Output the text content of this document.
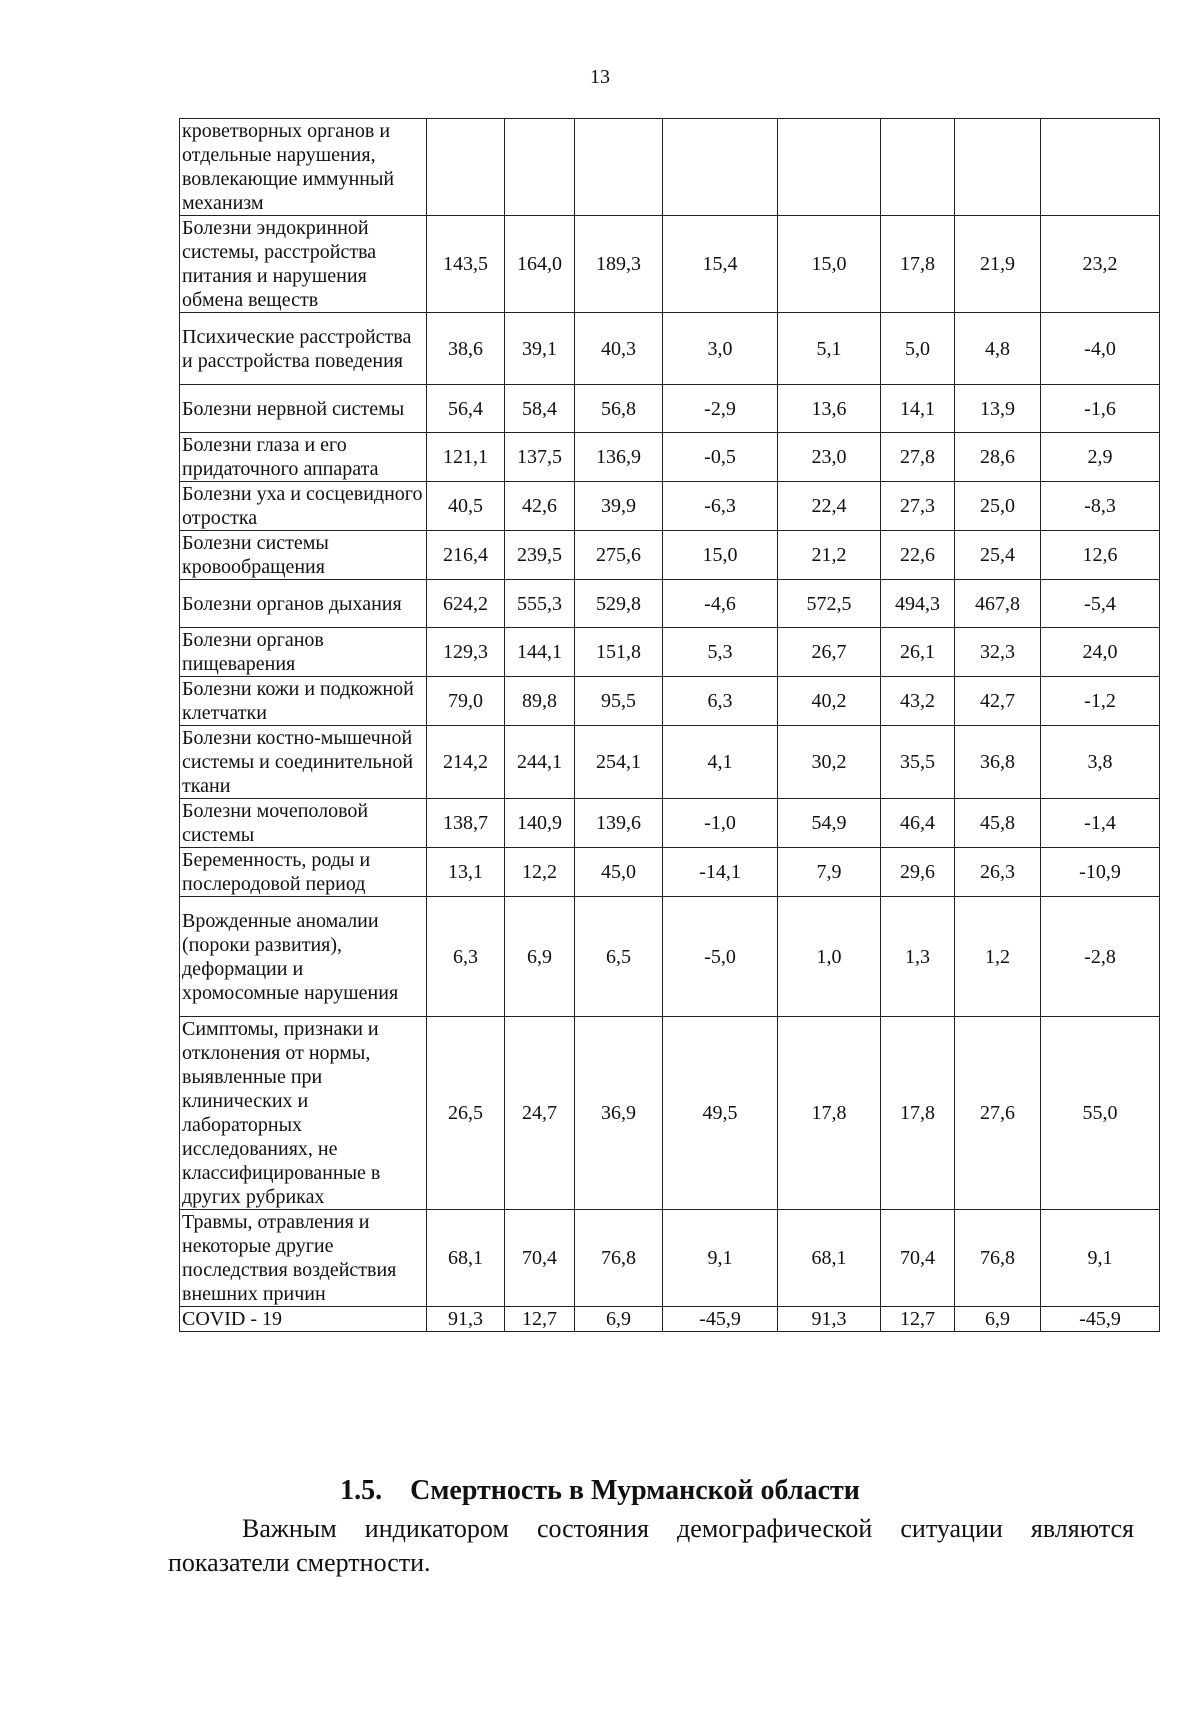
13
кроветворных органов и отдельные нарушения, вовлекающие иммунный механизм								
Болезни эндокринной системы, расстройства питания и нарушения обмена веществ	143,5	164,0	189,3	15,4	15,0	17,8	21,9	23,2
Психические расстройства и расстройства поведения	38,6	39,1	40,3	3,0	5,1	5,0	4,8	-4,0
Болезни нервной системы	56,4	58,4	56,8	-2,9	13,6	14,1	13,9	-1,6
Болезни глаза и его придаточного аппарата	121,1	137,5	136,9	-0,5	23,0	27,8	28,6	2,9
Болезни уха и сосцевидного отростка	40,5	42,6	39,9	-6,3	22,4	27,3	25,0	-8,3
Болезни системы кровообращения	216,4	239,5	275,6	15,0	21,2	22,6	25,4	12,6
Болезни органов дыхания	624,2	555,3	529,8	-4,6	572,5	494,3	467,8	-5,4
Болезни органов пищеварения	129,3	144,1	151,8	5,3	26,7	26,1	32,3	24,0
Болезни кожи и подкожной клетчатки	79,0	89,8	95,5	6,3	40,2	43,2	42,7	-1,2
Болезни костно-мышечной системы и соединительной ткани	214,2	244,1	254,1	4,1	30,2	35,5	36,8	3,8
Болезни мочеполовой системы	138,7	140,9	139,6	-1,0	54,9	46,4	45,8	-1,4
Беременность, роды и послеродовой период	13,1	12,2	45,0	-14,1	7,9	29,6	26,3	-10,9
Врожденные аномалии (пороки развития), деформации и хромосомные нарушения	6,3	6,9	6,5	-5,0	1,0	1,3	1,2	-2,8
Симптомы, признаки и отклонения от нормы, выявленные при клинических и лабораторных исследованиях, не классифицированные в других рубриках	26,5	24,7	36,9	49,5	17,8	17,8	27,6	55,0
Травмы, отравления и некоторые другие последствия воздействия внешних причин	68,1	70,4	76,8	9,1	68,1	70,4	76,8	9,1
COVID - 19	91,3	12,7	6,9	-45,9	91,3	12,7	6,9	-45,9
1.5. Смертность в Мурманской области

Важным индикатором состояния демографической ситуации являются показатели смертности.
